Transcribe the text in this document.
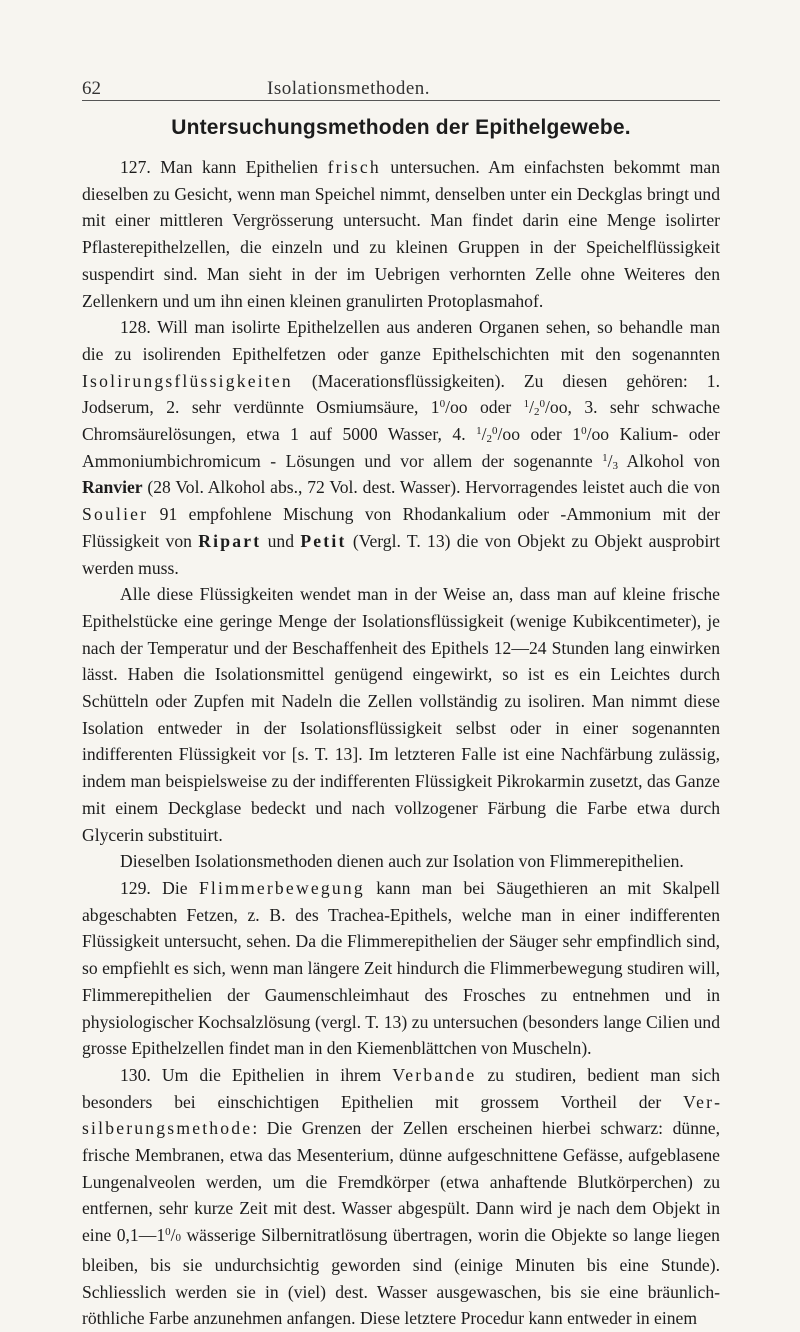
62	Isolationsmethoden.
Untersuchungsmethoden der Epithelgewebe.

127. Man kann Epithelien frisch untersuchen. Am einfachsten bekommt man dieselben zu Gesicht, wenn man Speichel nimmt, denselben unter ein Deckglas bringt und mit einer mittleren Vergrösserung untersucht. Man findet darin eine Menge isolirter Pflasterepithelzellen, die einzeln und zu kleinen Gruppen in der Speichelflüssigkeit suspendirt sind. Man sieht in der im Uebrigen verhornten Zelle ohne Weiteres den Zellenkern und um ihn einen kleinen granulirten Protoplasmahof.

128. Will man isolirte Epithelzellen aus anderen Organen sehen, so behandle man die zu isolirenden Epithelfetzen oder ganze Epithelschichten mit den sogenannten Isolirungsflüssigkeiten (Macerationsflüssigkeiten). Zu diesen gehören: 1. Jodserum, 2. sehr verdünnte Osmiumsäure, $1^0/oo$ oder $^1/_2^0/oo$, 3. sehr schwache Chromsäurelösungen, etwa 1 auf 5000 Wasser, 4. $^1/_2^0/oo$ oder $1^0/oo$ Kalium- oder Ammoniumbichromicum - Lösungen und vor allem der sogenannte $^1/_3$ Alkohol von Ranvier (28 Vol. Alkohol abs., 72 Vol. dest. Wasser). Hervorragendes leistet auch die von Soulier 91 empfohlene Mischung von Rhodankalium oder -Ammonium mit der Flüssigkeit von Ripart und Petit (Vergl. T. 13) die von Objekt zu Objekt ausprobirt werden muss.

Alle diese Flüssigkeiten wendet man in der Weise an, dass man auf kleine frische Epithelstücke eine geringe Menge der Isolationsflüssigkeit (wenige Kubikcentimeter), je nach der Temperatur und der Beschaffenheit des Epithels 12—24 Stunden lang einwirken lässt. Haben die Isolationsmittel genügend eingewirkt, so ist es ein Leichtes durch Schütteln oder Zupfen mit Nadeln die Zellen vollständig zu isoliren. Man nimmt diese Isolation entweder in der Isolationsflüssigkeit selbst oder in einer sogenannten indifferenten Flüssigkeit vor [s. T. 13]. Im letzteren Falle ist eine Nachfärbung zulässig, indem man beispielsweise zu der indifferenten Flüssigkeit Pikrokarmin zusetzt, das Ganze mit einem Deckglase bedeckt und nach vollzogener Färbung die Farbe etwa durch Glycerin substituirt.

Dieselben Isolationsmethoden dienen auch zur Isolation von Flimmerepithelien.

129. Die Flimmerbewegung kann man bei Säugethieren an mit Skalpell abgeschabten Fetzen, z. B. des Trachea-Epithels, welche man in einer indifferenten Flüssigkeit untersucht, sehen. Da die Flimmerepithelien der Säuger sehr empfindlich sind, so empfiehlt es sich, wenn man längere Zeit hindurch die Flimmerbewegung studiren will, Flimmerepithelien der Gaumenschleimhaut des Frosches zu entnehmen und in physiologischer Kochsalzlösung (vergl. T. 13) zu untersuchen (besonders lange Cilien und grosse Epithelzellen findet man in den Kiemenblättchen von Muscheln).

130. Um die Epithelien in ihrem Verbande zu studiren, bedient man sich besonders bei einschichtigen Epithelien mit grossem Vortheil der Versilberungsmethode: Die Grenzen der Zellen erscheinen hierbei schwarz: dünne, frische Membranen, etwa das Mesenterium, dünne aufgeschnittene Gefässe, aufgeblasene Lungenalveolen werden, um die Fremdkörper (etwa anhaftende Blutkörperchen) zu entfernen, sehr kurze Zeit mit dest. Wasser abgespült. Dann wird je nach dem Objekt in eine $0,1—1^0/0$ wässerige Silbernitratlösung übertragen, worin die Objekte so lange liegen bleiben, bis sie undurchsichtig geworden sind (einige Minuten bis eine Stunde). Schliesslich werden sie in (viel) dest. Wasser ausgewaschen, bis sie eine bräunlich-röthliche Farbe anzunehmen anfangen. Diese letztere Procedur kann entweder in einem
